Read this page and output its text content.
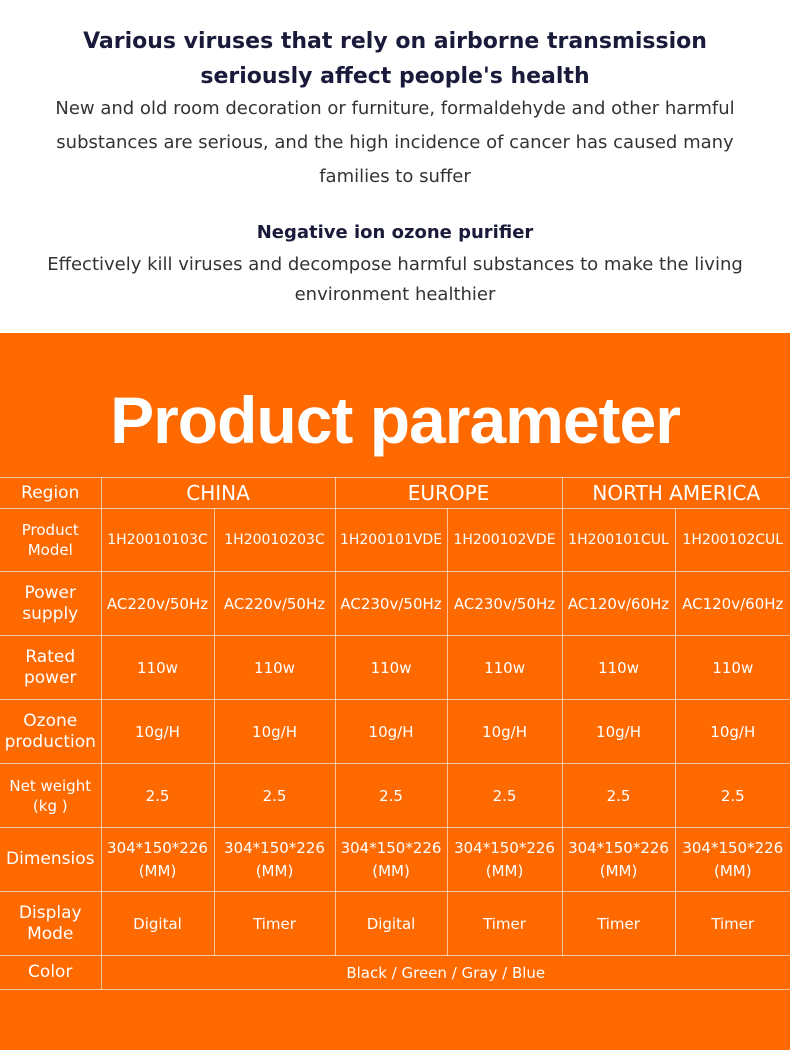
Various viruses that rely on airborne transmission
seriously affect people's health
New and old room decoration or furniture, formaldehyde and other harmful substances are serious, and the high incidence of cancer has caused many families to suffer
Negative ion ozone purifier
Effectively kill viruses and decompose harmful substances to make the living environment healthier
Product parameter
Region	CHINA		EUROPE		NORTH AMERICA	
Product Model	1H20010103C	1H20010203C	1H200101VDE	1H200102VDE	1H200101CUL	1H200102CUL
Power supply	AC220v/50Hz	AC220v/50Hz	AC230v/50Hz	AC230v/50Hz	AC120v/60Hz	AC120v/60Hz
Rated power	110w	110w	110w	110w	110w	110w
Ozone production	10g/H	10g/H	10g/H	10g/H	10g/H	10g/H
Net weight (kg )	2.5	2.5	2.5	2.5	2.5	2.5
Dimensios	304*150*226 (MM)	304*150*226 (MM)	304*150*226 (MM)	304*150*226 (MM)	304*150*226 (MM)	304*150*226 (MM)
Display Mode	Digital	Timer	Digital	Timer	Timer	Timer
Color	Black / Green / Gray / Blue					
